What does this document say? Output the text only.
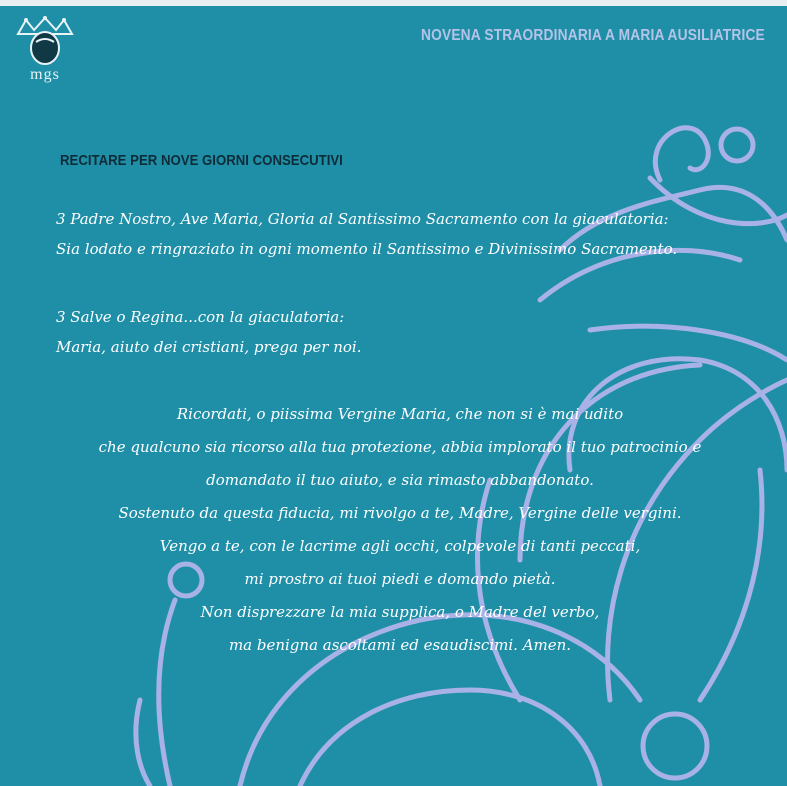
mgs
NOVENA STRAORDINARIA A MARIA AUSILIATRICE
RECITARE PER NOVE GIORNI CONSECUTIVI
3 Padre Nostro, Ave Maria, Gloria al Santissimo Sacramento con la giaculatoria:
Sia lodato e ringraziato in ogni momento il Santissimo e Divinissimo Sacramento.
3 Salve o Regina...con la giaculatoria:
Maria, aiuto dei cristiani, prega per noi.
Ricordati, o piissima Vergine Maria, che non si è mai udito
che qualcuno sia ricorso alla tua protezione, abbia implorato il tuo patrocinio e
domandato il tuo aiuto, e sia rimasto abbandonato.
Sostenuto da questa fiducia, mi rivolgo a te, Madre, Vergine delle vergini.
Vengo a te, con le lacrime agli occhi, colpevole di tanti peccati,
mi prostro ai tuoi piedi e domando pietà.
Non disprezzare la mia supplica, o Madre del verbo,
ma benigna ascoltami ed esaudiscimi. Amen.
